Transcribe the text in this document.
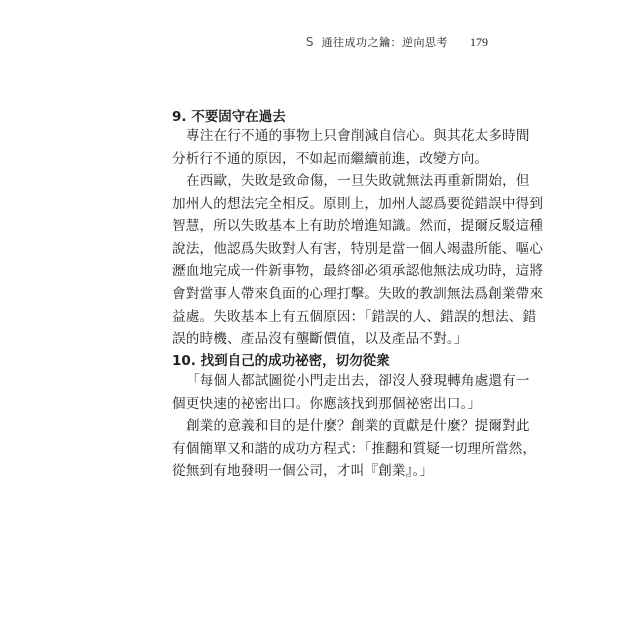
S 通往成功之鑰：逆向思考 179
9. 不要固守在過去
專注在行不通的事物上只會削減自信心。與其花太多時間
分析行不通的原因，不如起而繼續前進，改變方向。
在西歐，失敗是致命傷，一旦失敗就無法再重新開始，但
加州人的想法完全相反。原則上，加州人認爲要從錯誤中得到
智慧，所以失敗基本上有助於增進知識。然而，提爾反駁這種
說法，他認爲失敗對人有害，特別是當一個人竭盡所能、嘔心
瀝血地完成一件新事物，最終卻必須承認他無法成功時，這將
會對當事人帶來負面的心理打擊。失敗的教訓無法爲創業帶來
益處。失敗基本上有五個原因：「錯誤的人、錯誤的想法、錯
誤的時機、產品沒有壟斷價值，以及產品不對。」
10. 找到自己的成功祕密，切勿從衆
「每個人都試圖從小門走出去，卻沒人發現轉角處還有一
個更快速的祕密出口。你應該找到那個祕密出口。」
創業的意義和目的是什麼？創業的貢獻是什麼？提爾對此
有個簡單又和諧的成功方程式：「推翻和質疑一切理所當然，
從無到有地發明一個公司，才叫『創業』。」
